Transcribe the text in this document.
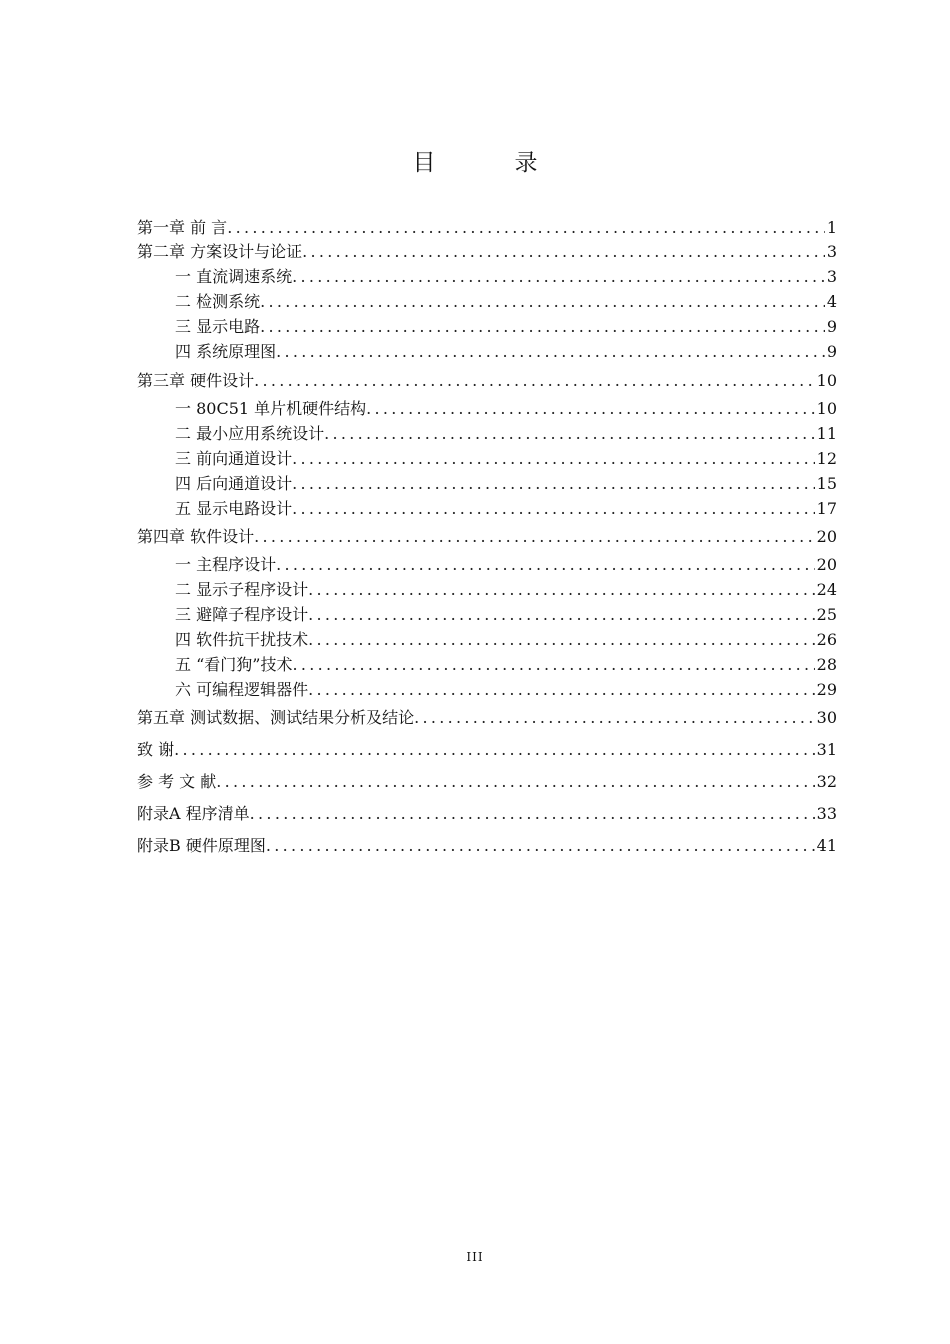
目　录
第一章 前 言 .....	1
第二章 方案设计与论证 .....	3
一 直流调速系统 .....	3
二 检测系统 .....	4
三 显示电路 .....	9
四 系统原理图 .....	9
第三章 硬件设计 .....	10
一 80C51 单片机硬件结构 .....	10
二 最小应用系统设计 .....	11
三 前向通道设计 .....	12
四 后向通道设计 .....	15
五 显示电路设计 .....	17
第四章 软件设计 .....	20
一 主程序设计 .....	20
二 显示子程序设计 .....	24
三 避障子程序设计 .....	25
四 软件抗干扰技术 .....	26
五 “看门狗”技术 .....	28
六 可编程逻辑器件 .....	29
第五章 测试数据、测试结果分析及结论 .....	30
致 谢 .....	31
参 考 文 献 .....	32
附录A 程序清单 .....	33
附录B 硬件原理图 .....	41
III
